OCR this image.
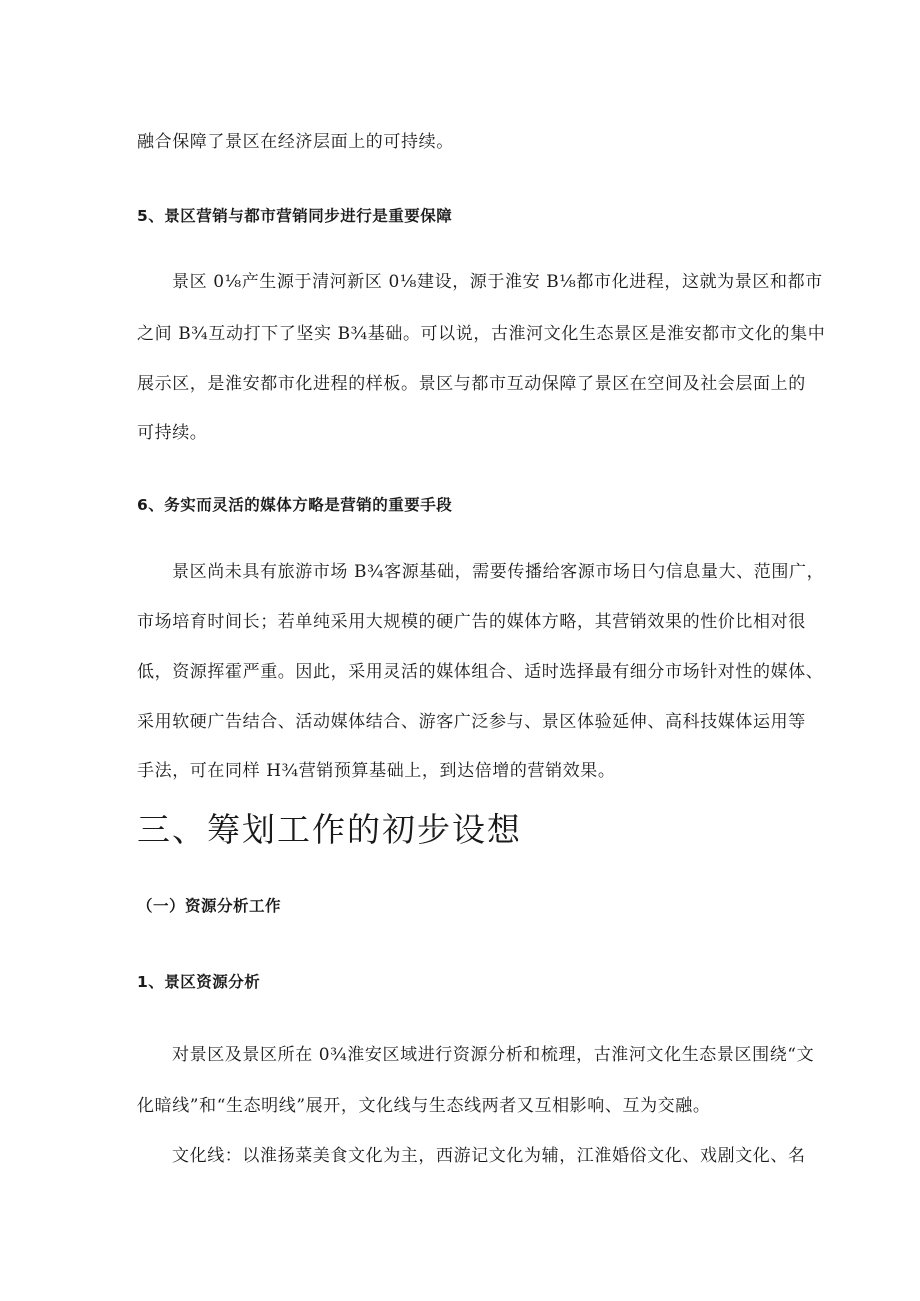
融合保障了景区在经济层面上的可持续。
5、景区营销与都市营销同步进行是重要保障
景区 0⅛产生源于清河新区 0⅛建设，源于淮安 B⅛都市化进程，这就为景区和都市
之间 B¾互动打下了坚实 B¾基础。可以说，古淮河文化生态景区是淮安都市文化的集中
展示区，是淮安都市化进程的样板。景区与都市互动保障了景区在空间及社会层面上的
可持续。
6、务实而灵活的媒体方略是营销的重要手段
景区尚未具有旅游市场 B¾客源基础，需要传播给客源市场日勺信息量大、范围广，
市场培育时间长；若单纯采用大规模的硬广告的媒体方略，其营销效果的性价比相对很
低，资源挥霍严重。因此，采用灵活的媒体组合、适时选择最有细分市场针对性的媒体、
采用软硬广告结合、活动媒体结合、游客广泛参与、景区体验延伸、高科技媒体运用等
手法，可在同样 H¾营销预算基础上，到达倍增的营销效果。
三、筹划工作的初步设想
（一）资源分析工作
1、景区资源分析
对景区及景区所在 0¾淮安区域进行资源分析和梳理，古淮河文化生态景区围绕“文
化暗线”和“生态明线”展开，文化线与生态线两者又互相影响、互为交融。
文化线：以淮扬菜美食文化为主，西游记文化为辅，江淮婚俗文化、戏剧文化、名
